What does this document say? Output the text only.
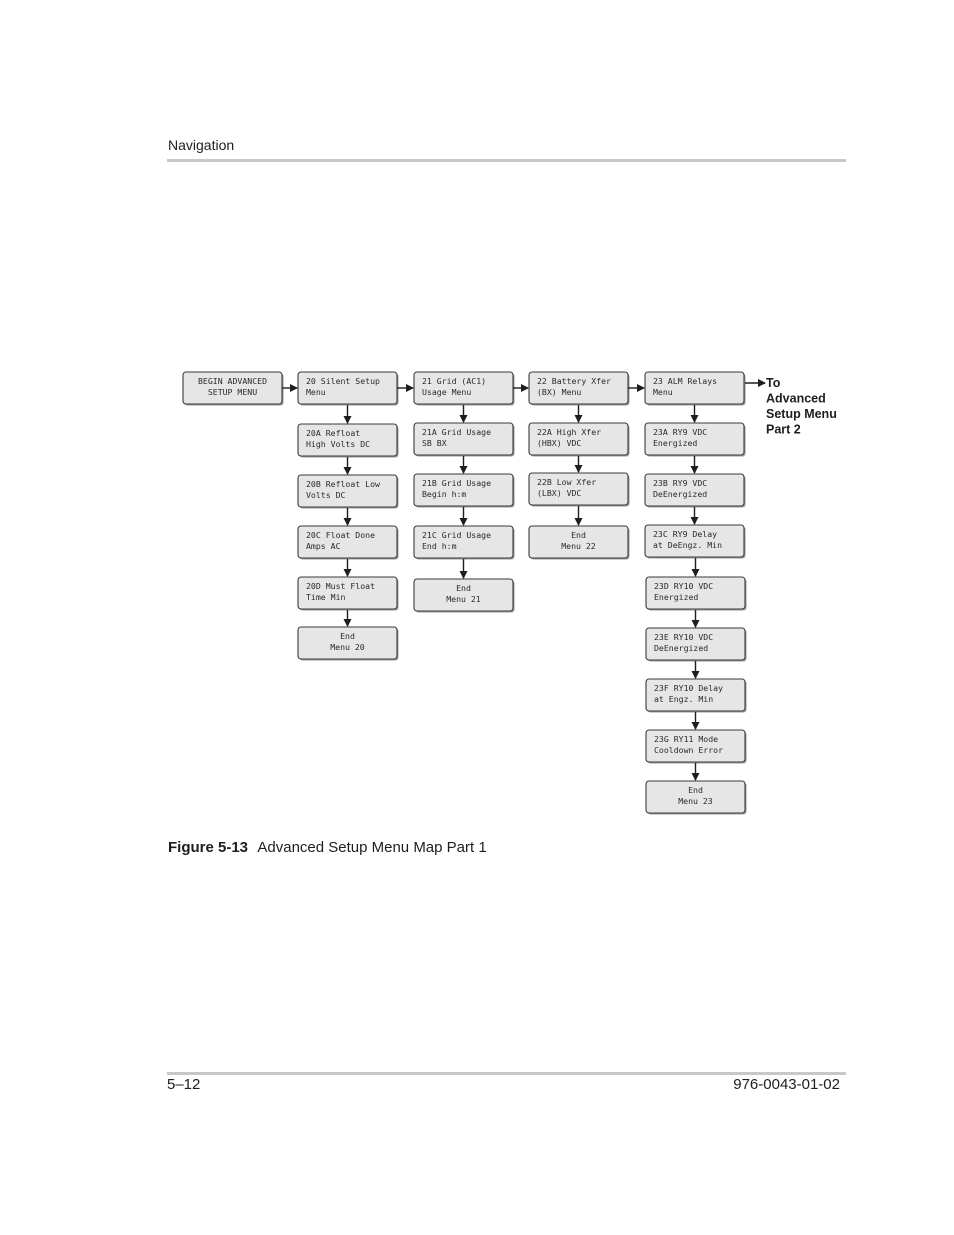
Navigation
BEGIN ADVANCED
SETUP MENU
20 Silent Setup
Menu
20A Refloat
High Volts DC
20B Refloat Low
Volts DC
20C Float Done
Amps AC
20D Must Float
Time Min
End
Menu 20
21 Grid (AC1)
Usage Menu
21A Grid Usage
SB BX
21B Grid Usage
Begin h:m
21C Grid Usage
End h:m
End
Menu 21
22 Battery Xfer
(BX) Menu
22A High Xfer
(HBX) VDC
22B Low Xfer
(LBX) VDC
End
Menu 22
23 ALM Relays
Menu
23A RY9 VDC
Energized
23B RY9 VDC
DeEnergized
23C RY9 Delay
at DeEngz. Min
23D RY10 VDC
Energized
23E RY10 VDC
DeEnergized
23F RY10 Delay
at Engz. Min
23G RY11 Mode
Cooldown Error
End
Menu 23
To
Advanced
Setup Menu
Part 2
Figure 5-13 Advanced Setup Menu Map Part 1
5–12	976-0043-01-02
